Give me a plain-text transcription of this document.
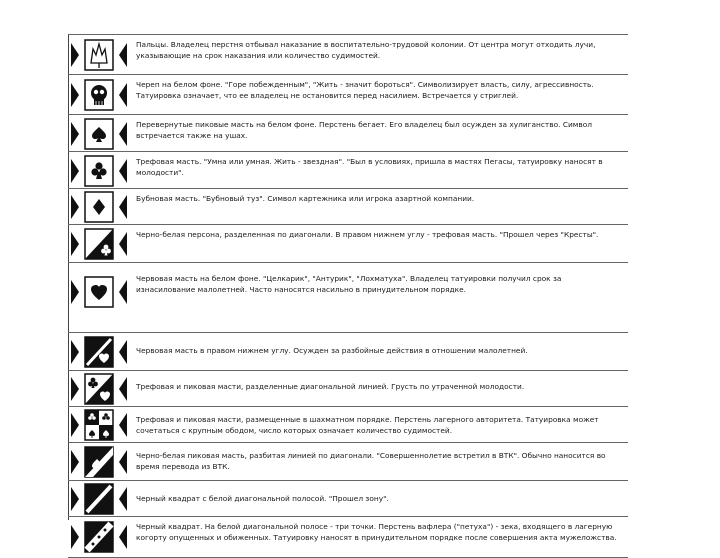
Пальцы. Владелец перстня отбывал наказание в воспитательно-трудовой колонии. От центра могут отходить лучи, указывающие на срок наказания или количество судимостей.
Череп на белом фоне. "Горе побежденным", "Жить - значит бороться". Символизирует власть, силу, агрессивность. Татуировка означает, что ее владелец не остановится перед насилием. Встречается у стриглей.
Перевернутые пиковые масть на белом фоне. Перстень бегает. Его владелец был осужден за хулиганство. Символ встречается также на ушах.
Трефовая масть. "Умна или умная. Жить - звездная". "Был в условиях, пришла в мастях Пегасы, татуировку наносят в молодости".
Бубновая масть. "Бубновый туз". Символ картежника или игрока азартной компании.
Черно-белая персона, разделенная по диагонали. В правом нижнем углу - трефовая масть. "Прошел через "Кресты".
Червовая масть на белом фоне. "Целкарик", "Антурик", "Лохматуха". Владелец татуировки получил срок за изнасилование малолетней. Часто наносятся насильно в принудительном порядке.
Червовая масть в правом нижнем углу. Осужден за разбойные действия в отношении малолетней.
Трефовая и пиковая масти, разделенные диагональной линией. Грусть по утраченной молодости.
Трефовая и пиковая масти, размещенные в шахматном порядке. Перстень лагерного авторитета. Татуировка может сочетаться с крупным ободом, число которых означает количество судимостей.
Черно-белая пиковая масть, разбитая линией по диагонали. "Совершеннолетие встретил в ВТК". Обычно наносится во время перевода из ВТК.
Черный квадрат с белой диагональной полосой. "Прошел зону".
Черный квадрат. На белой диагональной полосе - три точки. Перстень вафлера ("петуха") - зека, входящего в лагерную когорту опущенных и обиженных. Татуировку наносят в принудительном порядке после совершения акта мужеложства.
